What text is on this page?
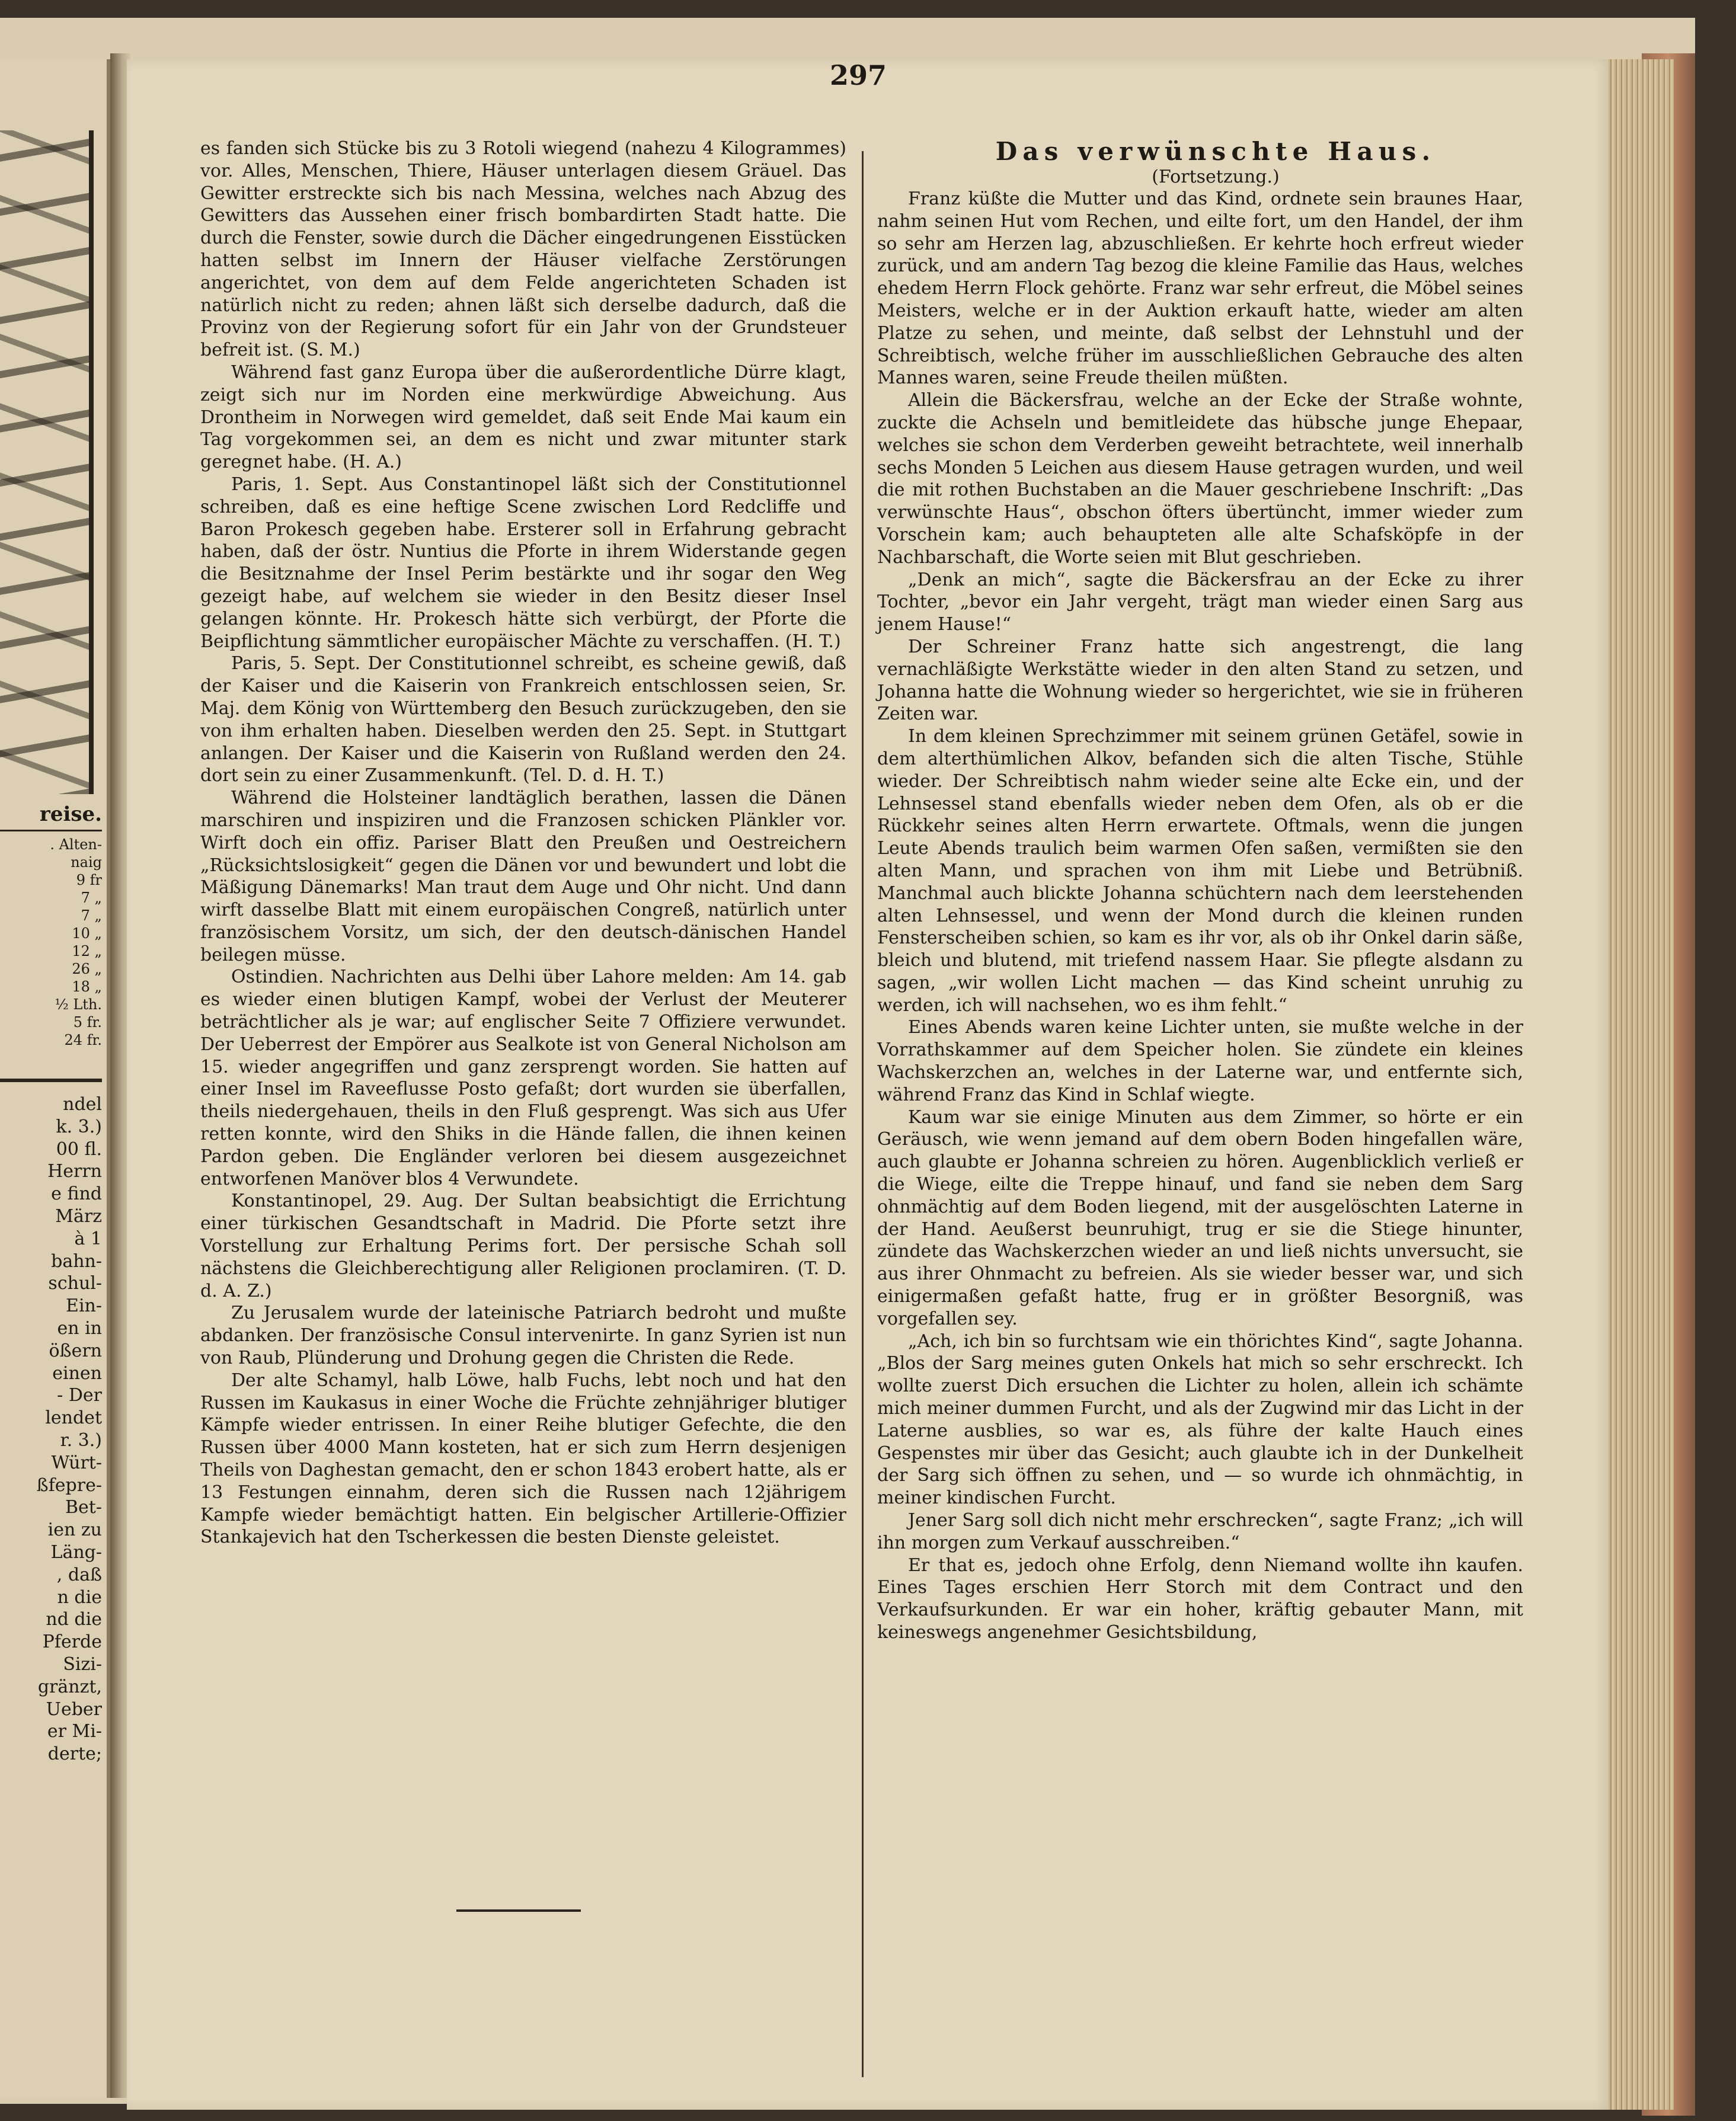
reise.
. Alten-
naig
9 fr
7 „
7 „
10 „
12 „
26 „
18 „
½ Lth.
5 fr.
24 fr.
ndel
k. 3.)
00 fl.
Herrn
e find
März
à 1
bahn-
schul-
Ein-
en in
ößern
einen
- Der
lendet
r. 3.)
Würt-
ßfepre-
Bet-
ien zu
Läng-
, daß
n die
nd die
Pferde
Sizi-
gränzt,
Ueber
er Mi-
derte;
297

es fanden sich Stücke bis zu 3 Rotoli wiegend (nahezu 4 Kilogrammes) vor. Alles, Menschen, Thiere, Häuser unterlagen diesem Gräuel. Das Gewitter erstreckte sich bis nach Messina, welches nach Abzug des Gewitters das Aussehen einer frisch bombardirten Stadt hatte. Die durch die Fenster, sowie durch die Dächer eingedrungenen Eisstücken hatten selbst im Innern der Häuser vielfache Zerstörungen angerichtet, von dem auf dem Felde angerichteten Schaden ist natürlich nicht zu reden; ahnen läßt sich derselbe dadurch, daß die Provinz von der Regierung sofort für ein Jahr von der Grundsteuer befreit ist. (S. M.)

Während fast ganz Europa über die außerordentliche Dürre klagt, zeigt sich nur im Norden eine merkwürdige Abweichung. Aus Drontheim in Norwegen wird gemeldet, daß seit Ende Mai kaum ein Tag vorgekommen sei, an dem es nicht und zwar mitunter stark geregnet habe. (H. A.)

Paris, 1. Sept. Aus Constantinopel läßt sich der Constitutionnel schreiben, daß es eine heftige Scene zwischen Lord Redcliffe und Baron Prokesch gegeben habe. Ersterer soll in Erfahrung gebracht haben, daß der östr. Nuntius die Pforte in ihrem Widerstande gegen die Besitznahme der Insel Perim bestärkte und ihr sogar den Weg gezeigt habe, auf welchem sie wieder in den Besitz dieser Insel gelangen könnte. Hr. Prokesch hätte sich verbürgt, der Pforte die Beipflichtung sämmtlicher europäischer Mächte zu verschaffen. (H. T.)

Paris, 5. Sept. Der Constitutionnel schreibt, es scheine gewiß, daß der Kaiser und die Kaiserin von Frankreich entschlossen seien, Sr. Maj. dem König von Württemberg den Besuch zurückzugeben, den sie von ihm erhalten haben. Dieselben werden den 25. Sept. in Stuttgart anlangen. Der Kaiser und die Kaiserin von Rußland werden den 24. dort sein zu einer Zusammenkunft. (Tel. D. d. H. T.)

Während die Holsteiner landtäglich berathen, lassen die Dänen marschiren und inspiziren und die Franzosen schicken Plänkler vor. Wirft doch ein offiz. Pariser Blatt den Preußen und Oestreichern „Rücksichtslosigkeit“ gegen die Dänen vor und bewundert und lobt die Mäßigung Dänemarks! Man traut dem Auge und Ohr nicht. Und dann wirft dasselbe Blatt mit einem europäischen Congreß, natürlich unter französischem Vorsitz, um sich, der den deutsch-dänischen Handel beilegen müsse.

Ostindien. Nachrichten aus Delhi über Lahore melden: Am 14. gab es wieder einen blutigen Kampf, wobei der Verlust der Meuterer beträchtlicher als je war; auf englischer Seite 7 Offiziere verwundet. Der Ueberrest der Empörer aus Sealkote ist von General Nicholson am 15. wieder angegriffen und ganz zersprengt worden. Sie hatten auf einer Insel im Raveeflusse Posto gefaßt; dort wurden sie überfallen, theils niedergehauen, theils in den Fluß gesprengt. Was sich aus Ufer retten konnte, wird den Shiks in die Hände fallen, die ihnen keinen Pardon geben. Die Engländer verloren bei diesem ausgezeichnet entworfenen Manöver blos 4 Verwundete.

Konstantinopel, 29. Aug. Der Sultan beabsichtigt die Errichtung einer türkischen Gesandtschaft in Madrid. Die Pforte setzt ihre Vorstellung zur Erhaltung Perims fort. Der persische Schah soll nächstens die Gleichberechtigung aller Religionen proclamiren. (T. D. d. A. Z.)

Zu Jerusalem wurde der lateinische Patriarch bedroht und mußte abdanken. Der französische Consul intervenirte. In ganz Syrien ist nun von Raub, Plünderung und Drohung gegen die Christen die Rede.

Der alte Schamyl, halb Löwe, halb Fuchs, lebt noch und hat den Russen im Kaukasus in einer Woche die Früchte zehnjähriger blutiger Kämpfe wieder entrissen. In einer Reihe blutiger Gefechte, die den Russen über 4000 Mann kosteten, hat er sich zum Herrn desjenigen Theils von Daghestan gemacht, den er schon 1843 erobert hatte, als er 13 Festungen einnahm, deren sich die Russen nach 12jährigem Kampfe wieder bemächtigt hatten. Ein belgischer Artillerie-Offizier Stankajevich hat den Tscherkessen die besten Dienste geleistet.

Das verwünschte Haus.

(Fortsetzung.)

Franz küßte die Mutter und das Kind, ordnete sein braunes Haar, nahm seinen Hut vom Rechen, und eilte fort, um den Handel, der ihm so sehr am Herzen lag, abzuschließen. Er kehrte hoch erfreut wieder zurück, und am andern Tag bezog die kleine Familie das Haus, welches ehedem Herrn Flock gehörte. Franz war sehr erfreut, die Möbel seines Meisters, welche er in der Auktion erkauft hatte, wieder am alten Platze zu sehen, und meinte, daß selbst der Lehnstuhl und der Schreibtisch, welche früher im ausschließlichen Gebrauche des alten Mannes waren, seine Freude theilen müßten.

Allein die Bäckersfrau, welche an der Ecke der Straße wohnte, zuckte die Achseln und bemitleidete das hübsche junge Ehepaar, welches sie schon dem Verderben geweiht betrachtete, weil innerhalb sechs Monden 5 Leichen aus diesem Hause getragen wurden, und weil die mit rothen Buchstaben an die Mauer geschriebene Inschrift: „Das verwünschte Haus“, obschon öfters übertüncht, immer wieder zum Vorschein kam; auch behaupteten alle alte Schafsköpfe in der Nachbarschaft, die Worte seien mit Blut geschrieben.

„Denk an mich“, sagte die Bäckersfrau an der Ecke zu ihrer Tochter, „bevor ein Jahr vergeht, trägt man wieder einen Sarg aus jenem Hause!“

Der Schreiner Franz hatte sich angestrengt, die lang vernachläßigte Werkstätte wieder in den alten Stand zu setzen, und Johanna hatte die Wohnung wieder so hergerichtet, wie sie in früheren Zeiten war.

In dem kleinen Sprechzimmer mit seinem grünen Getäfel, sowie in dem alterthümlichen Alkov, befanden sich die alten Tische, Stühle wieder. Der Schreibtisch nahm wieder seine alte Ecke ein, und der Lehnsessel stand ebenfalls wieder neben dem Ofen, als ob er die Rückkehr seines alten Herrn erwartete. Oftmals, wenn die jungen Leute Abends traulich beim warmen Ofen saßen, vermißten sie den alten Mann, und sprachen von ihm mit Liebe und Betrübniß. Manchmal auch blickte Johanna schüchtern nach dem leerstehenden alten Lehnsessel, und wenn der Mond durch die kleinen runden Fensterscheiben schien, so kam es ihr vor, als ob ihr Onkel darin säße, bleich und blutend, mit triefend nassem Haar. Sie pflegte alsdann zu sagen, „wir wollen Licht machen — das Kind scheint unruhig zu werden, ich will nachsehen, wo es ihm fehlt.“

Eines Abends waren keine Lichter unten, sie mußte welche in der Vorrathskammer auf dem Speicher holen. Sie zündete ein kleines Wachskerzchen an, welches in der Laterne war, und entfernte sich, während Franz das Kind in Schlaf wiegte.

Kaum war sie einige Minuten aus dem Zimmer, so hörte er ein Geräusch, wie wenn jemand auf dem obern Boden hingefallen wäre, auch glaubte er Johanna schreien zu hören. Augenblicklich verließ er die Wiege, eilte die Treppe hinauf, und fand sie neben dem Sarg ohnmächtig auf dem Boden liegend, mit der ausgelöschten Laterne in der Hand. Aeußerst beunruhigt, trug er sie die Stiege hinunter, zündete das Wachskerzchen wieder an und ließ nichts unversucht, sie aus ihrer Ohnmacht zu befreien. Als sie wieder besser war, und sich einigermaßen gefaßt hatte, frug er in größter Besorgniß, was vorgefallen sey.

„Ach, ich bin so furchtsam wie ein thörichtes Kind“, sagte Johanna. „Blos der Sarg meines guten Onkels hat mich so sehr erschreckt. Ich wollte zuerst Dich ersuchen die Lichter zu holen, allein ich schämte mich meiner dummen Furcht, und als der Zugwind mir das Licht in der Laterne ausblies, so war es, als führe der kalte Hauch eines Gespenstes mir über das Gesicht; auch glaubte ich in der Dunkelheit der Sarg sich öffnen zu sehen, und — so wurde ich ohnmächtig, in meiner kindischen Furcht.

Jener Sarg soll dich nicht mehr erschrecken“, sagte Franz; „ich will ihn morgen zum Verkauf ausschreiben.“

Er that es, jedoch ohne Erfolg, denn Niemand wollte ihn kaufen. Eines Tages erschien Herr Storch mit dem Contract und den Verkaufsurkunden. Er war ein hoher, kräftig gebauter Mann, mit keineswegs angenehmer Gesichtsbildung,
